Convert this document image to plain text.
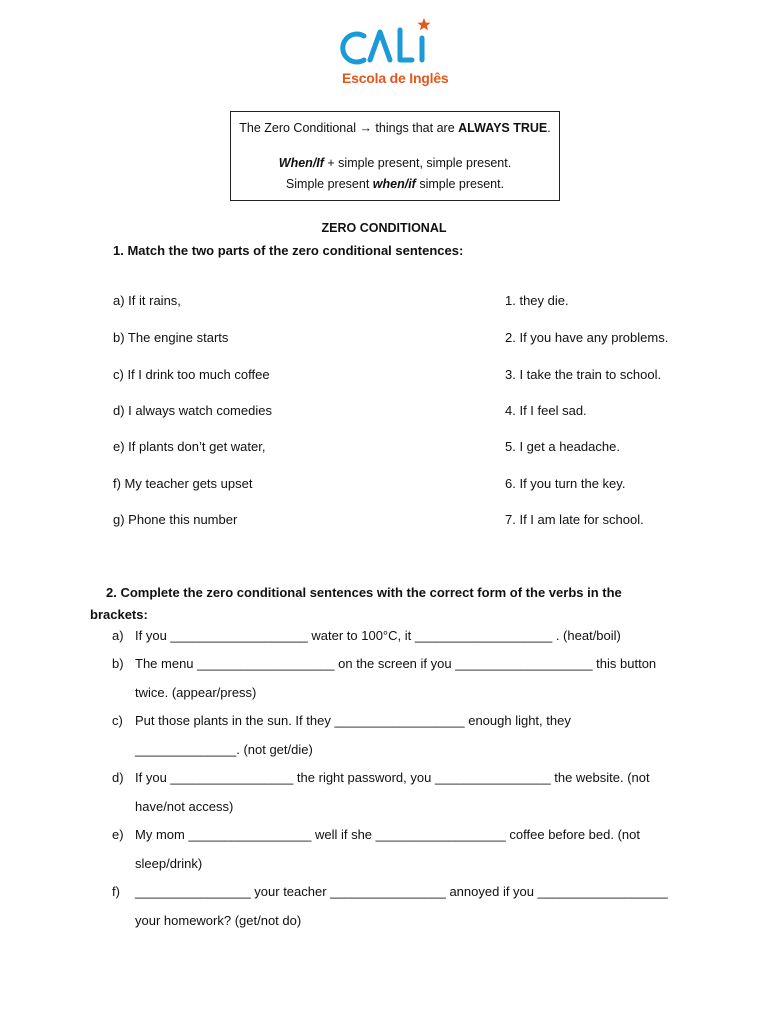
Escola de Inglês
The Zero Conditional → things that are ALWAYS TRUE.
When/If + simple present, simple present.
Simple present when/if simple present.
ZERO CONDITIONAL
1. Match the two parts of the zero conditional sentences:
a) If it rains,
b) The engine starts
c) If I drink too much coffee
d) I always watch comedies
e) If plants don’t get water,
f) My teacher gets upset
g) Phone this number
1. they die.
2. If you have any problems.
3. I take the train to school.
4. If I feel sad.
5. I get a headache.
6. If you turn the key.
7. If I am late for school.
2. Complete the zero conditional sentences with the correct form of the verbs in the
brackets:
a) If you ___________________ water to 100°C, it ___________________ . (heat/boil)
b) The menu ___________________ on the screen if you ___________________ this button
twice. (appear/press)
c) Put those plants in the sun. If they __________________ enough light, they
______________. (not get/die)
d) If you _________________ the right password, you ________________ the website. (not
have/not access)
e) My mom _________________ well if she __________________ coffee before bed. (not
sleep/drink)
f) ________________ your teacher ________________ annoyed if you __________________
your homework? (get/not do)
